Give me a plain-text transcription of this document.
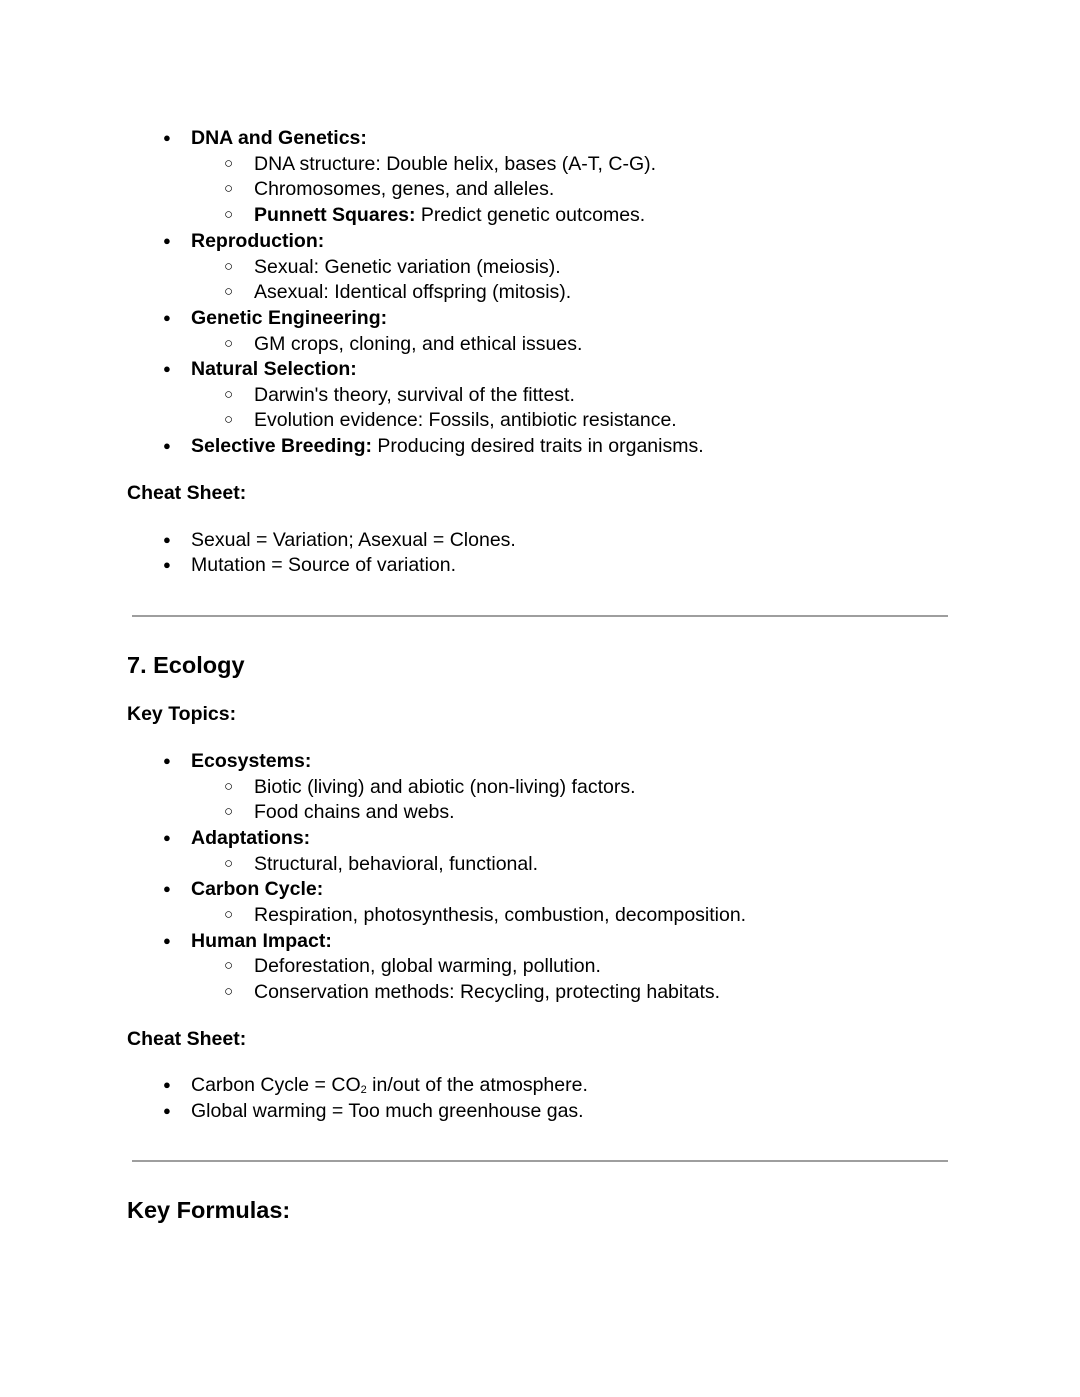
● DNA and Genetics:
○ DNA structure: Double helix, bases (A-T, C-G).
○ Chromosomes, genes, and alleles.
○ Punnett Squares: Predict genetic outcomes.
● Reproduction:
○ Sexual: Genetic variation (meiosis).
○ Asexual: Identical offspring (mitosis).
● Genetic Engineering:
○ GM crops, cloning, and ethical issues.
● Natural Selection:
○ Darwin's theory, survival of the fittest.
○ Evolution evidence: Fossils, antibiotic resistance.
● Selective Breeding: Producing desired traits in organisms.
Cheat Sheet:
● Sexual = Variation; Asexual = Clones.
● Mutation = Source of variation.
7. Ecology
Key Topics:
● Ecosystems:
○ Biotic (living) and abiotic (non-living) factors.
○ Food chains and webs.
● Adaptations:
○ Structural, behavioral, functional.
● Carbon Cycle:
○ Respiration, photosynthesis, combustion, decomposition.
● Human Impact:
○ Deforestation, global warming, pollution.
○ Conservation methods: Recycling, protecting habitats.
Cheat Sheet:
● Carbon Cycle = $CO_2$ in/out of the atmosphere.
● Global warming = Too much greenhouse gas.
Key Formulas:
